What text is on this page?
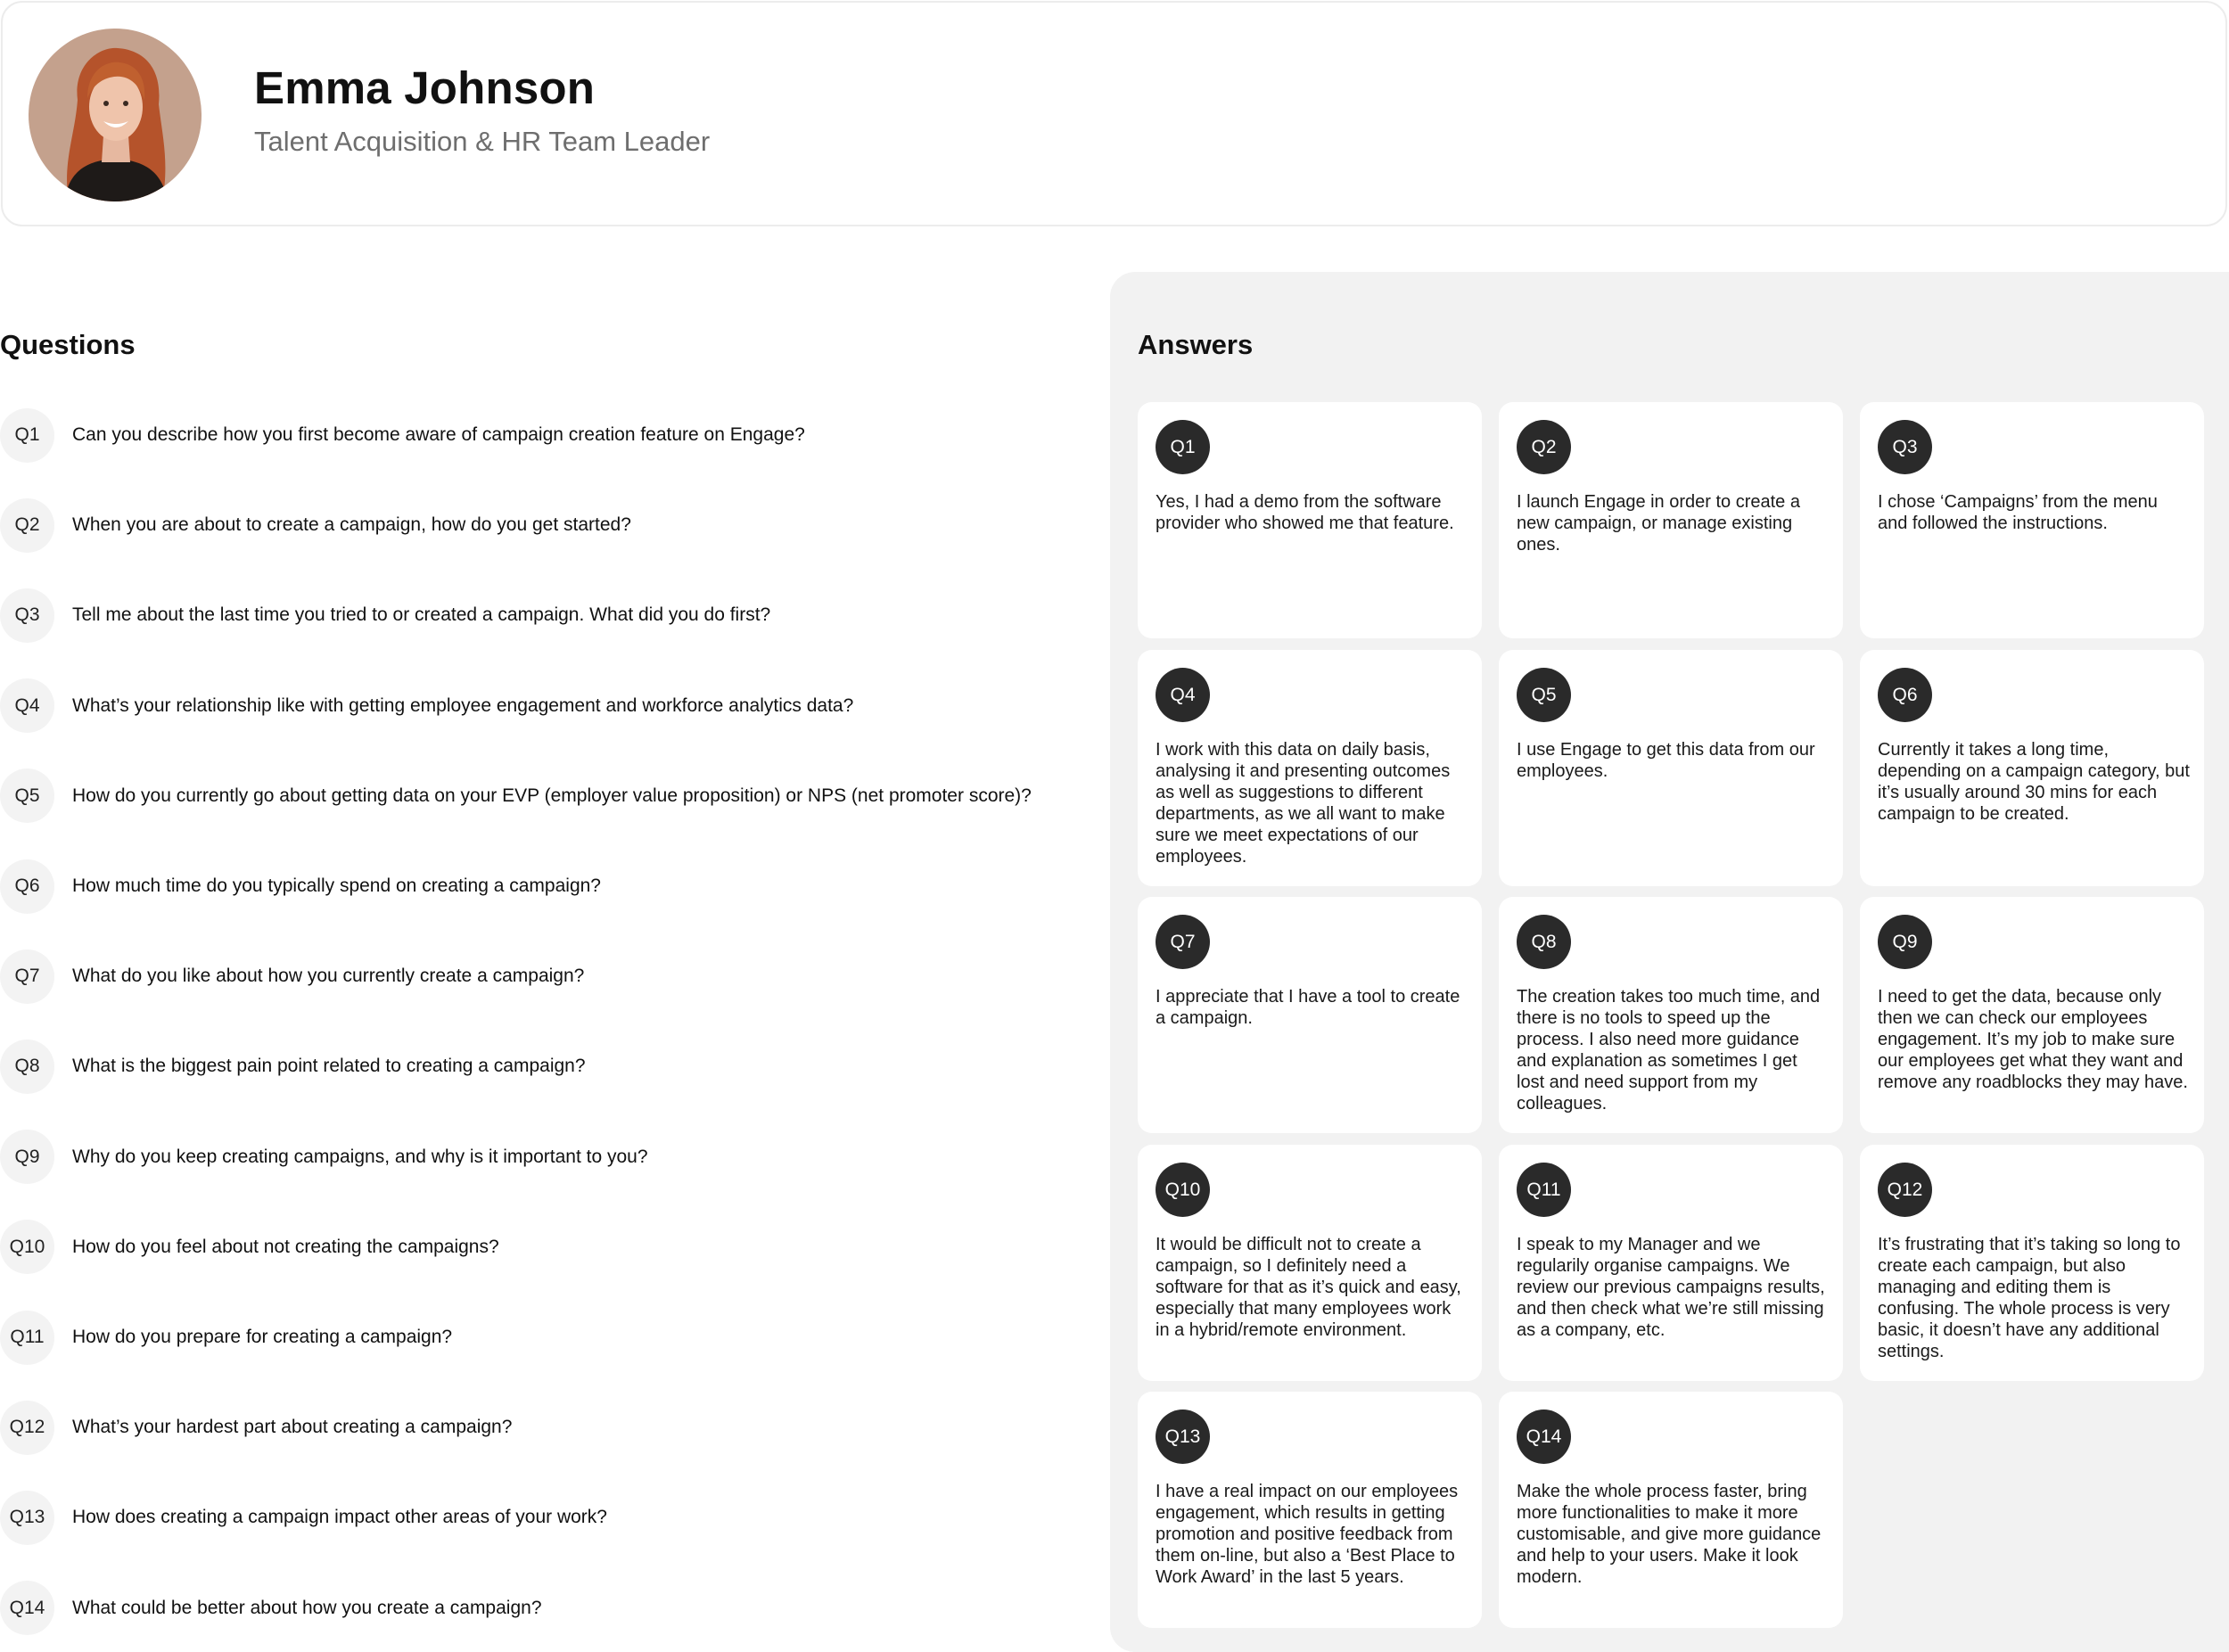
Emma Johnson
Talent Acquisition & HR Team Leader
Questions
Q1	Can you describe how you first become aware of campaign creation feature on Engage?
Q2	When you are about to create a campaign, how do you get started?
Q3	Tell me about the last time you tried to or created a campaign. What did you do first?
Q4	What’s your relationship like with getting employee engagement and workforce analytics data?
Q5	How do you currently go about getting data on your EVP (employer value proposition) or NPS (net promoter score)?
Q6	How much time do you typically spend on creating a campaign?
Q7	What do you like about how you currently create a campaign?
Q8	What is the biggest pain point related to creating a campaign?
Q9	Why do you keep creating campaigns, and why is it important to you?
Q10	How do you feel about not creating the campaigns?
Q11	How do you prepare for creating a campaign?
Q12	What’s your hardest part about creating a campaign?
Q13	How does creating a campaign impact other areas of your work?
Q14	What could be better about how you create a campaign?
Answers
Q1
Yes, I had a demo from the software provider who showed me that feature.
Q2
I launch Engage in order to create a new campaign, or manage existing ones.
Q3
I chose ‘Campaigns’ from the menu and followed the instructions.
Q4
I work with this data on daily basis, analysing it and presenting outcomes as well as suggestions to different departments, as we all want to make sure we meet expectations of our employees.
Q5
I use Engage to get this data from our employees.
Q6
Currently it takes a long time, depending on a campaign category, but it’s usually around 30 mins for each campaign to be created.
Q7
I appreciate that I have a tool to create a campaign.
Q8
The creation takes too much time, and there is no tools to speed up the process. I also need more guidance and explanation as sometimes I get lost and need support from my colleagues.
Q9
I need to get the data, because only then we can check our employees engagement. It’s my job to make sure our employees get what they want and remove any roadblocks they may have.
Q10
It would be difficult not to create a campaign, so I definitely need a software for that as it’s quick and easy, especially that many employees work in a hybrid/remote environment.
Q11
I speak to my Manager and we regularily organise campaigns. We review our previous campaigns results, and then check what we’re still missing as a company, etc.
Q12
It’s frustrating that it’s taking so long to create each campaign, but also managing and editing them is confusing. The whole process is very basic, it doesn’t have any additional settings.
Q13
I have a real impact on our employees engagement, which results in getting promotion and positive feedback from them on-line, but also a ‘Best Place to Work Award’ in the last 5 years.
Q14
Make the whole process faster, bring more functionalities to make it more customisable, and give more guidance and help to your users. Make it look modern.
